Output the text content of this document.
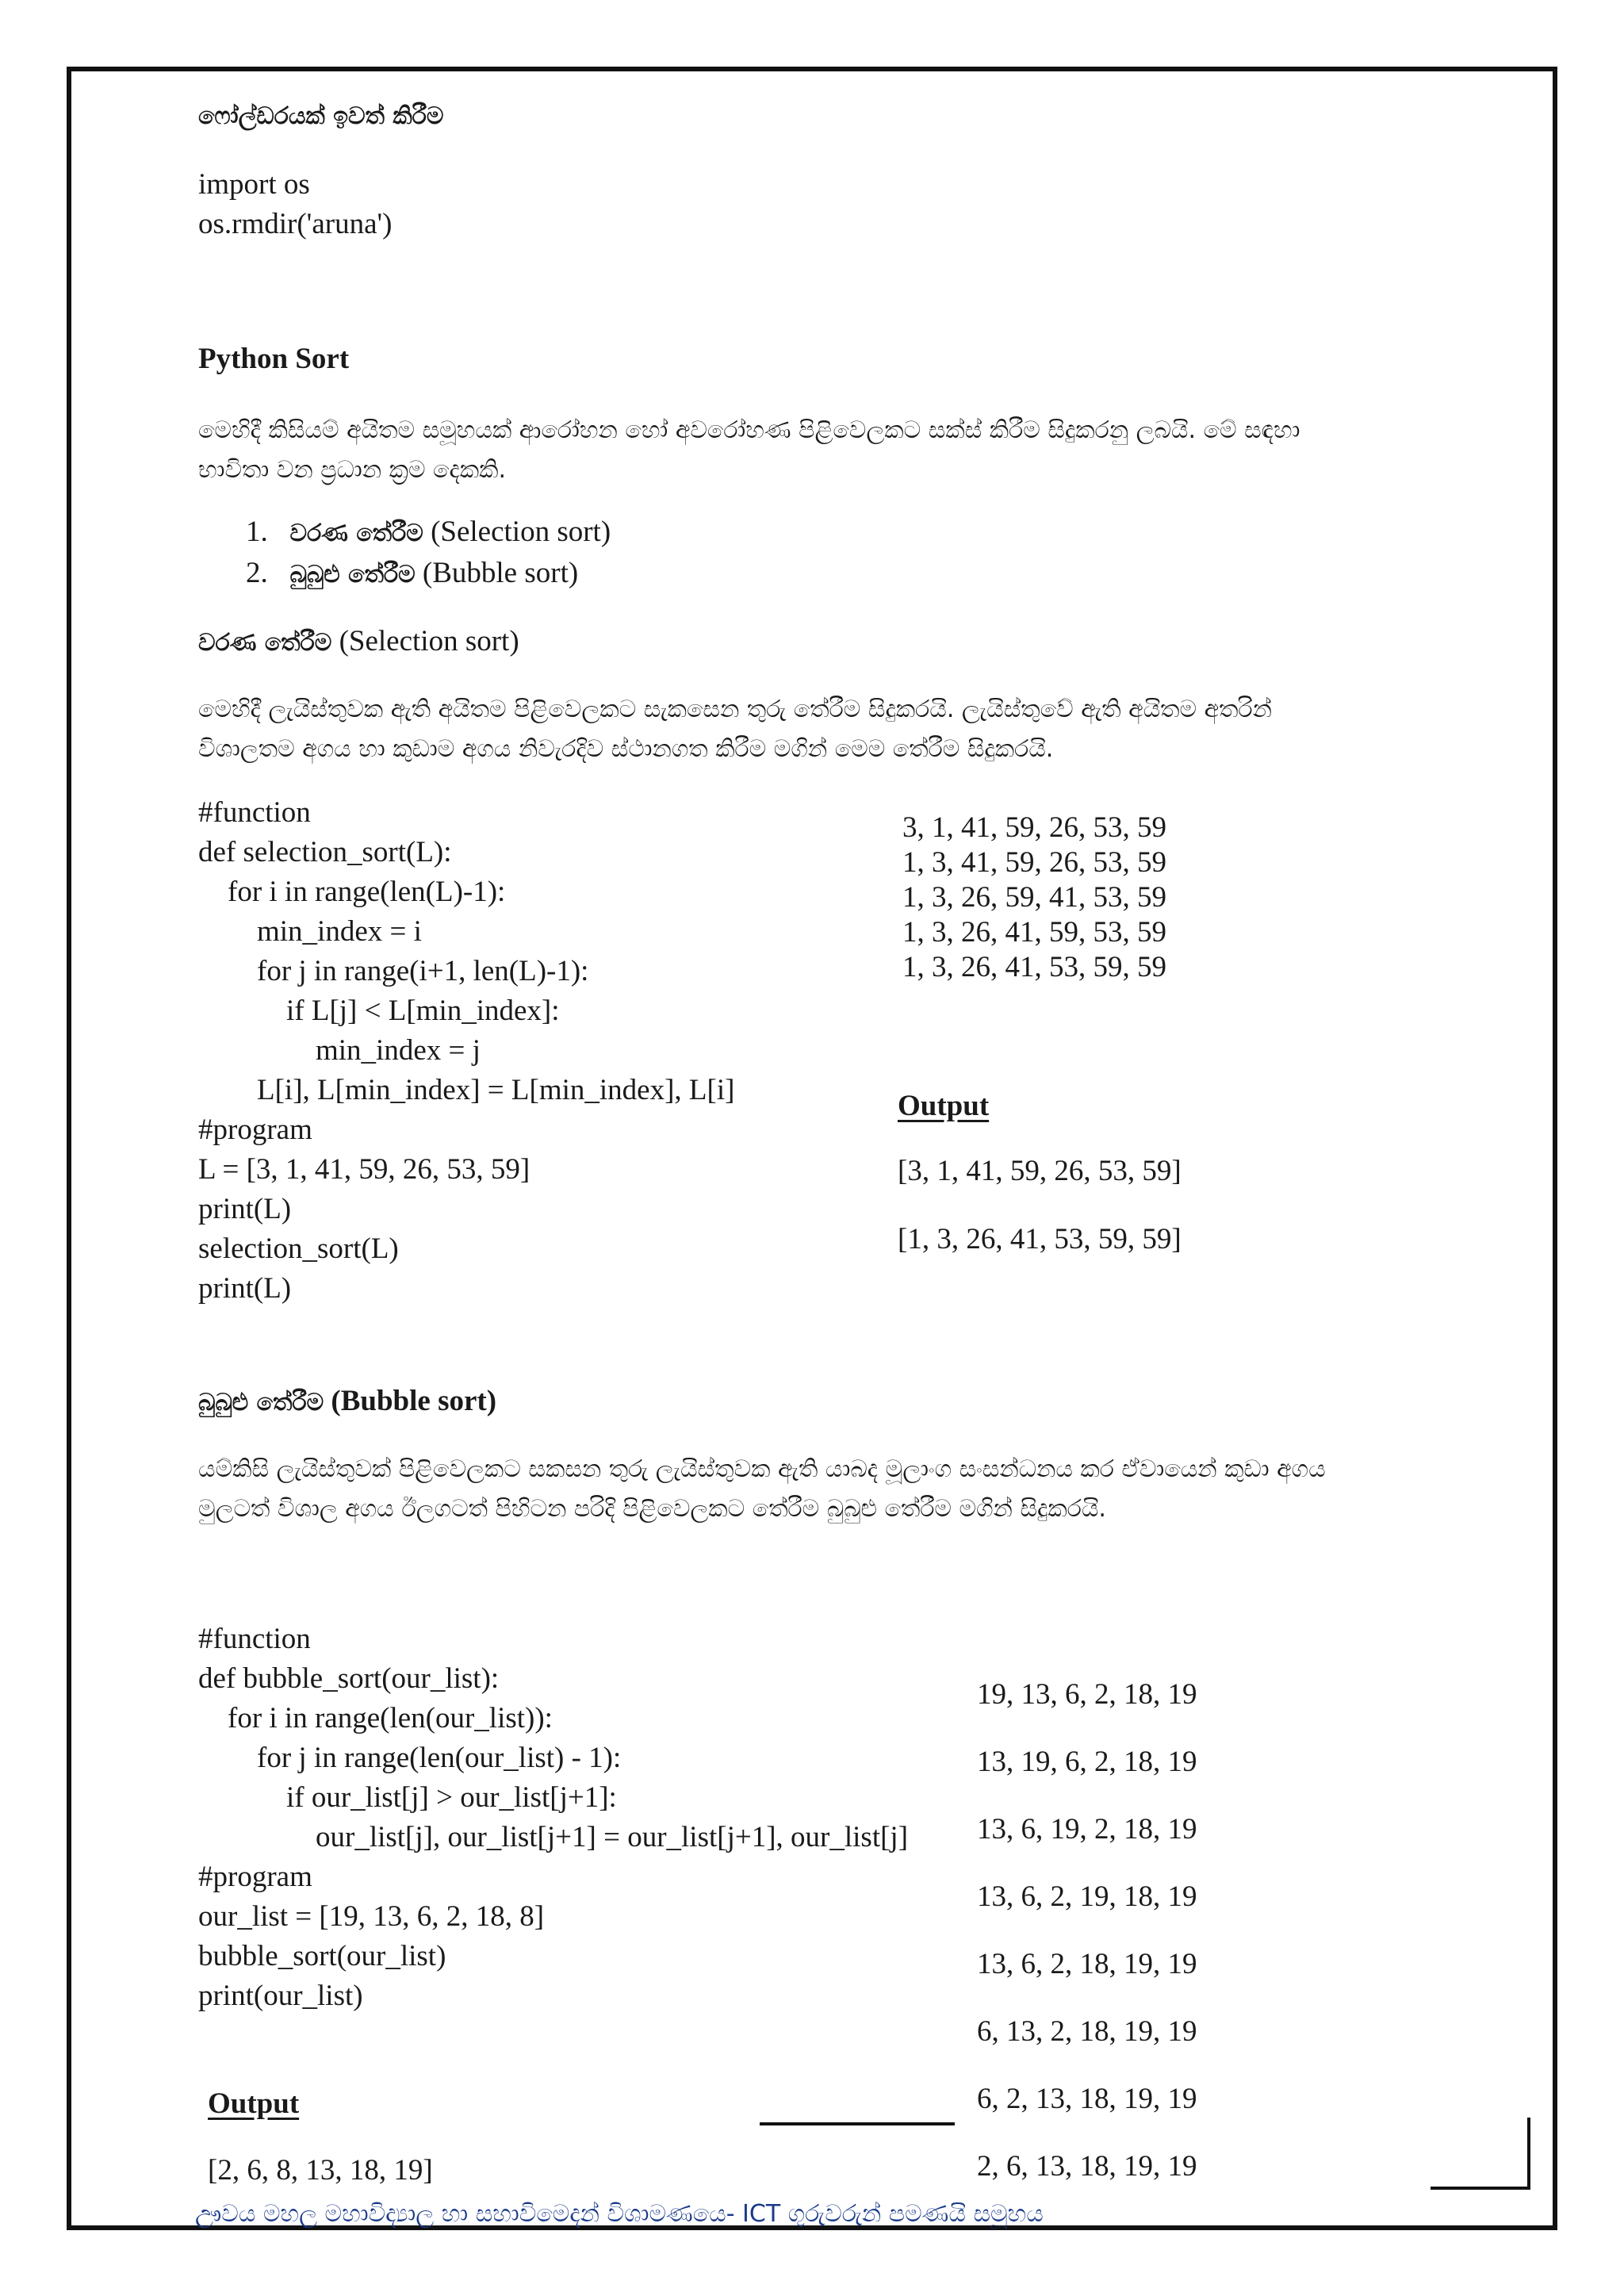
ෆෝල්ඩරයක් ඉවත් කිරීම
import os
os.rmdir('aruna')
Python Sort
මෙහිදී කිසියම් අයිතම සමූහයක් ආරෝහන හෝ අවරෝහණ පිළිවෙලකට සක්ස් කිරීම සිදුකරනු ලබයි. මේ සඳහා
භාවිතා වන ප්‍රධාන ක්‍රම දෙකකි.
1. වරණ තේරීම (Selection sort)
2. බුබුළු තේරීම (Bubble sort)
වරණ තේරීම (Selection sort)
මෙහිදී ලැයිස්තුවක ඇති අයිතම පිළිවෙලකට සැකසෙන තුරු තේරීම සිදුකරයි. ලැයිස්තුවේ ඇති අයිතම අතරින්
විශාලතම අගය හා කුඩාම අගය නිවැරදිව ස්ථානගත කිරීම මගින් මෙම තේරීම සිදුකරයි.
#function
def selection_sort(L):
for i in range(len(L)-1):
min_index = i
for j in range(i+1, len(L)-1):
if L[j] < L[min_index]:
min_index = j
L[i], L[min_index] = L[min_index], L[i]
#program
L = [3, 1, 41, 59, 26, 53, 59]
print(L)
selection_sort(L)
print(L)
3, 1, 41, 59, 26, 53, 59
1, 3, 41, 59, 26, 53, 59
1, 3, 26, 59, 41, 53, 59
1, 3, 26, 41, 59, 53, 59
1, 3, 26, 41, 53, 59, 59
Output
[3, 1, 41, 59, 26, 53, 59]
[1, 3, 26, 41, 53, 59, 59]
බුබුළු තේරීම (Bubble sort)
යම්කිසි ලැයිස්තුවක් පිළිවෙලකට සකසන තුරු ලැයිස්තුවක ඇති යාබද මූලාංග සංසන්ධනය කර ඒවායෙන් කුඩා අගය
මුලටත් විශාල අගය ඊලගටත් පිහිටන පරිදි පිළිවෙලකට තේරීම බුබුළු තේරීම මගින් සිදුකරයි.
#function
def bubble_sort(our_list):
for i in range(len(our_list)):
for j in range(len(our_list) - 1):
if our_list[j] > our_list[j+1]:
our_list[j], our_list[j+1] = our_list[j+1], our_list[j]
#program
our_list = [19, 13, 6, 2, 18, 8]
bubble_sort(our_list)
print(our_list)
19, 13, 6, 2, 18, 19
13, 19, 6, 2, 18, 19
13, 6, 19, 2, 18, 19
13, 6, 2, 19, 18, 19
13, 6, 2, 18, 19, 19
6, 13, 2, 18, 19, 19
6, 2, 13, 18, 19, 19
2, 6, 13, 18, 19, 19
Output
[2, 6, 8, 13, 18, 19]
ඌවය මහල මහාවිද්‍යාල හා සහාවිමෙදන් විශාමණයෙ- ICT ගුරුවරුන් පමණයි සමූහය
